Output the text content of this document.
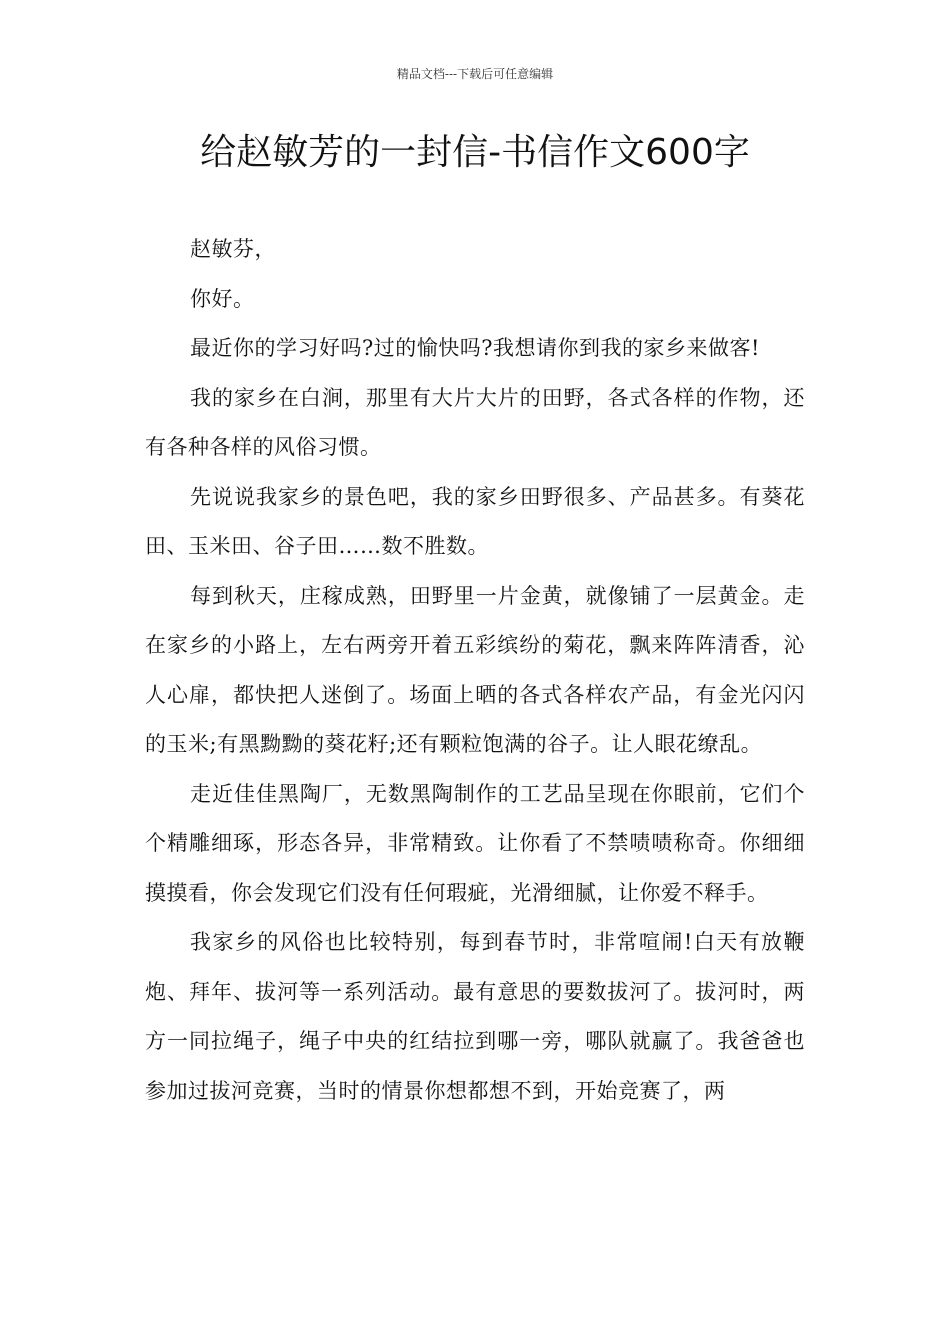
精品文档---下载后可任意编辑
给赵敏芳的一封信-书信作文600字

赵敏芬，

你好。

最近你的学习好吗?过的愉快吗?我想请你到我的家乡来做客!

我的家乡在白涧，那里有大片大片的田野，各式各样的作物，还有各种各样的风俗习惯。

先说说我家乡的景色吧，我的家乡田野很多、产品甚多。有葵花田、玉米田、谷子田……数不胜数。

每到秋天，庄稼成熟，田野里一片金黄，就像铺了一层黄金。走在家乡的小路上，左右两旁开着五彩缤纷的菊花，飘来阵阵清香，沁人心扉，都快把人迷倒了。场面上晒的各式各样农产品，有金光闪闪的玉米;有黑黝黝的葵花籽;还有颗粒饱满的谷子。让人眼花缭乱。

走近佳佳黑陶厂，无数黑陶制作的工艺品呈现在你眼前，它们个个精雕细琢，形态各异，非常精致。让你看了不禁啧啧称奇。你细细摸摸看，你会发现它们没有任何瑕疵，光滑细腻，让你爱不释手。

我家乡的风俗也比较特别，每到春节时，非常喧闹!白天有放鞭炮、拜年、拔河等一系列活动。最有意思的要数拔河了。拔河时，两方一同拉绳子，绳子中央的红结拉到哪一旁，哪队就赢了。我爸爸也参加过拔河竞赛，当时的情景你想都想不到，开始竞赛了，两
